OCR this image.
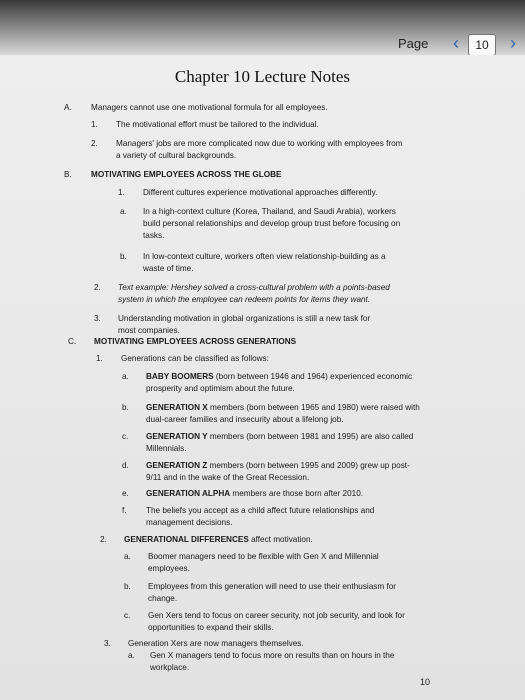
Page ‹	10	›
Chapter 10 Lecture Notes
A. Managers cannot use one motivational formula for all employees.
1. The motivational effort must be tailored to the individual.
2. Managers' jobs are more complicated now due to working with employees from
a variety of cultural backgrounds.
B. MOTIVATING EMPLOYEES ACROSS THE GLOBE
1. Different cultures experience motivational approaches differently.
a. In a high-context culture (Korea, Thailand, and Saudi Arabia), workers
build personal relationships and develop group trust before focusing on
tasks.
b. In low-context culture, workers often view relationship-building as a
waste of time.
2. Text example: Hershey solved a cross-cultural problem with a points-based
system in which the employee can redeem points for items they want.
3. Understanding motivation in global organizations is still a new task for
most companies.
C. MOTIVATING EMPLOYEES ACROSS GENERATIONS
1. Generations can be classified as follows:
a. BABY BOOMERS (born between 1946 and 1964) experienced economic
prosperity and optimism about the future.
b. GENERATION X members (born between 1965 and 1980) were raised with
dual-career families and insecurity about a lifelong job.
c. GENERATION Y members (born between 1981 and 1995) are also called
Millennials.
d. GENERATION Z members (born between 1995 and 2009) grew up post-
9/11 and in the wake of the Great Recession.
e. GENERATION ALPHA members are those born after 2010.
f. The beliefs you accept as a child affect future relationships and
management decisions.
2. GENERATIONAL DIFFERENCES affect motivation.
a. Boomer managers need to be flexible with Gen X and Millennial
employees.
b. Employees from this generation will need to use their enthusiasm for
change.
c. Gen Xers tend to focus on career security, not job security, and look for
opportunities to expand their skills.
3. Generation Xers are now managers themselves.
a. Gen X managers tend to focus more on results than on hours in the
workplace.
10
